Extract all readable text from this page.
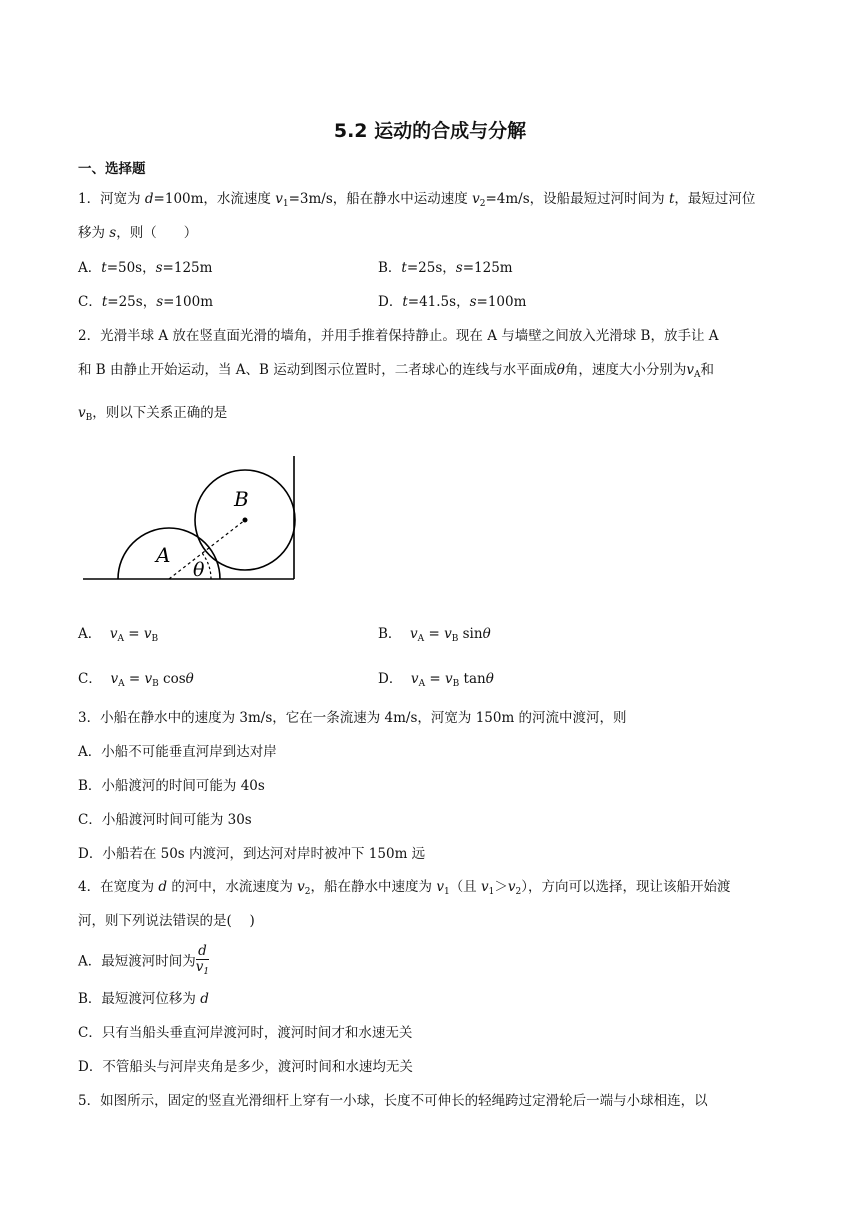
5.2 运动的合成与分解
一、选择题
1．河宽为 d=100m，水流速度 $v_1=3m/s$，船在静水中运动速度 $v_2=4m/s$，设船最短过河时间为 t，最短过河位
移为 s，则（　　）
A．t=50s，s=125m	B．t=25s，s=125m
C．t=25s，s=100m	D．t=41.5s，s=100m
2．光滑半球 A 放在竖直面光滑的墙角，并用手推着保持静止。现在 A 与墙壁之间放入光滑球 B，放手让 A
和 B 由静止开始运动，当 A、B 运动到图示位置时，二者球心的连线与水平面成θ角，速度大小分别为$v_A$和
$v_B$，则以下关系正确的是
A
B
θ
A． $v_A = v_B$	B． $v_A = v_B$ sinθ
C． $v_A = v_B$ cosθ	D． $v_A = v_B$ tanθ
3．小船在静水中的速度为 3m/s，它在一条流速为 4m/s，河宽为 150m 的河流中渡河，则
A．小船不可能垂直河岸到达对岸
B．小船渡河的时间可能为 40s
C．小船渡河时间可能为 30s
D．小船若在 50s 内渡河，到达河对岸时被冲下 150m 远
4．在宽度为 d 的河中，水流速度为 $v_2$，船在静水中速度为 $v_1$（且 $v_1>v_2$），方向可以选择，现让该船开始渡
河，则下列说法错误的是(　 )
A．最短渡河时间为 $\frac{d}{v_1}$
B．最短渡河位移为 d
C．只有当船头垂直河岸渡河时，渡河时间才和水速无关
D．不管船头与河岸夹角是多少，渡河时间和水速均无关
5．如图所示，固定的竖直光滑细杆上穿有一小球，长度不可伸长的轻绳跨过定滑轮后一端与小球相连，以
